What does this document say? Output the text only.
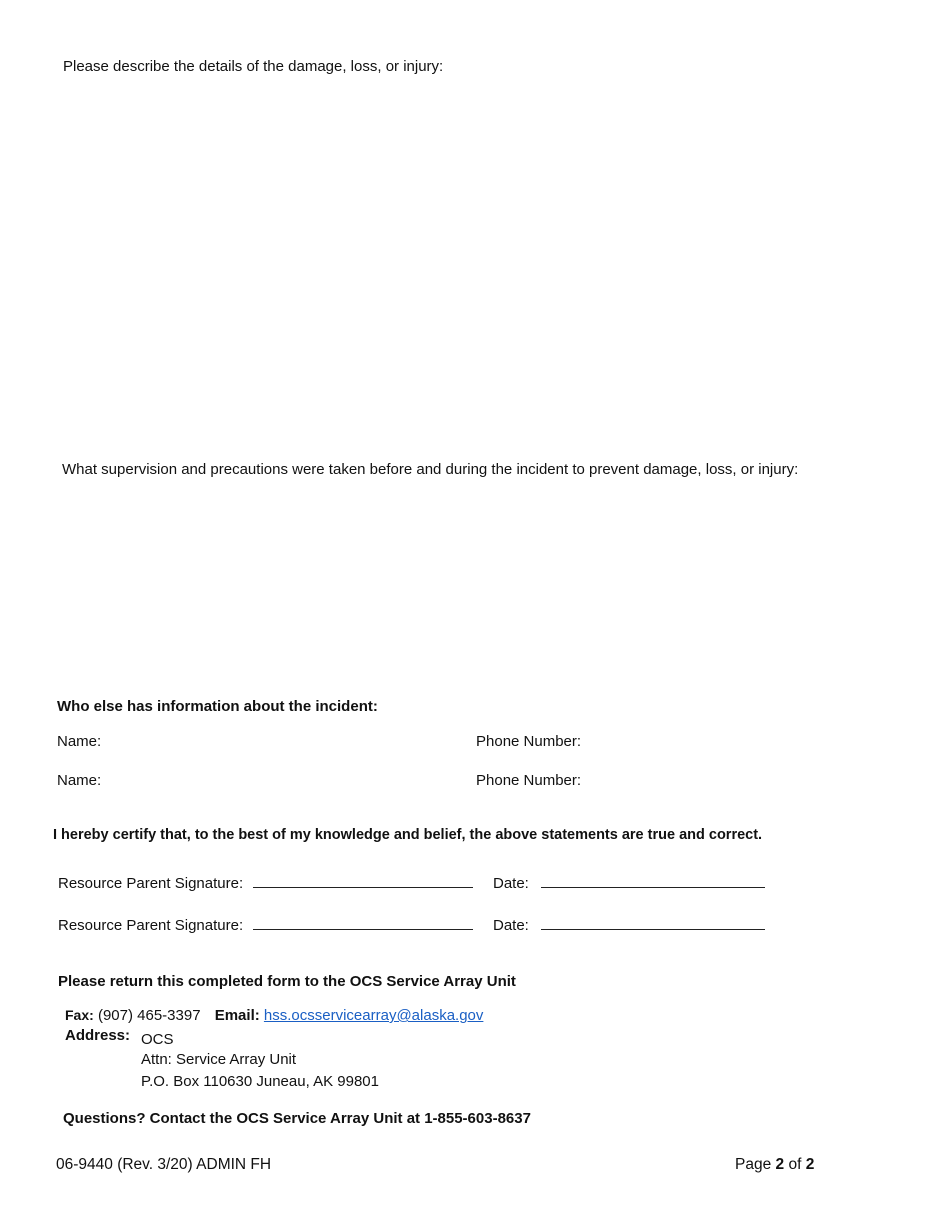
Please describe the details of the damage, loss, or injury:
What supervision and precautions were taken before and during the incident to prevent damage, loss, or injury:
Who else has information about the incident:
Name:	Phone Number:
Name:	Phone Number:
I hereby certify that, to the best of my knowledge and belief, the above statements are true and correct.
Resource Parent Signature:	Date:
Resource Parent Signature:	Date:
Please return this completed form to the OCS Service Array Unit
Fax: (907) 465-3397 Email: hss.ocsservicearray@alaska.gov
Address: OCS
Attn: Service Array Unit
P.O. Box 110630 Juneau, AK 99801
Questions? Contact the OCS Service Array Unit at 1-855-603-8637
06-9440 (Rev. 3/20) ADMIN FH	Page 2 of 2
